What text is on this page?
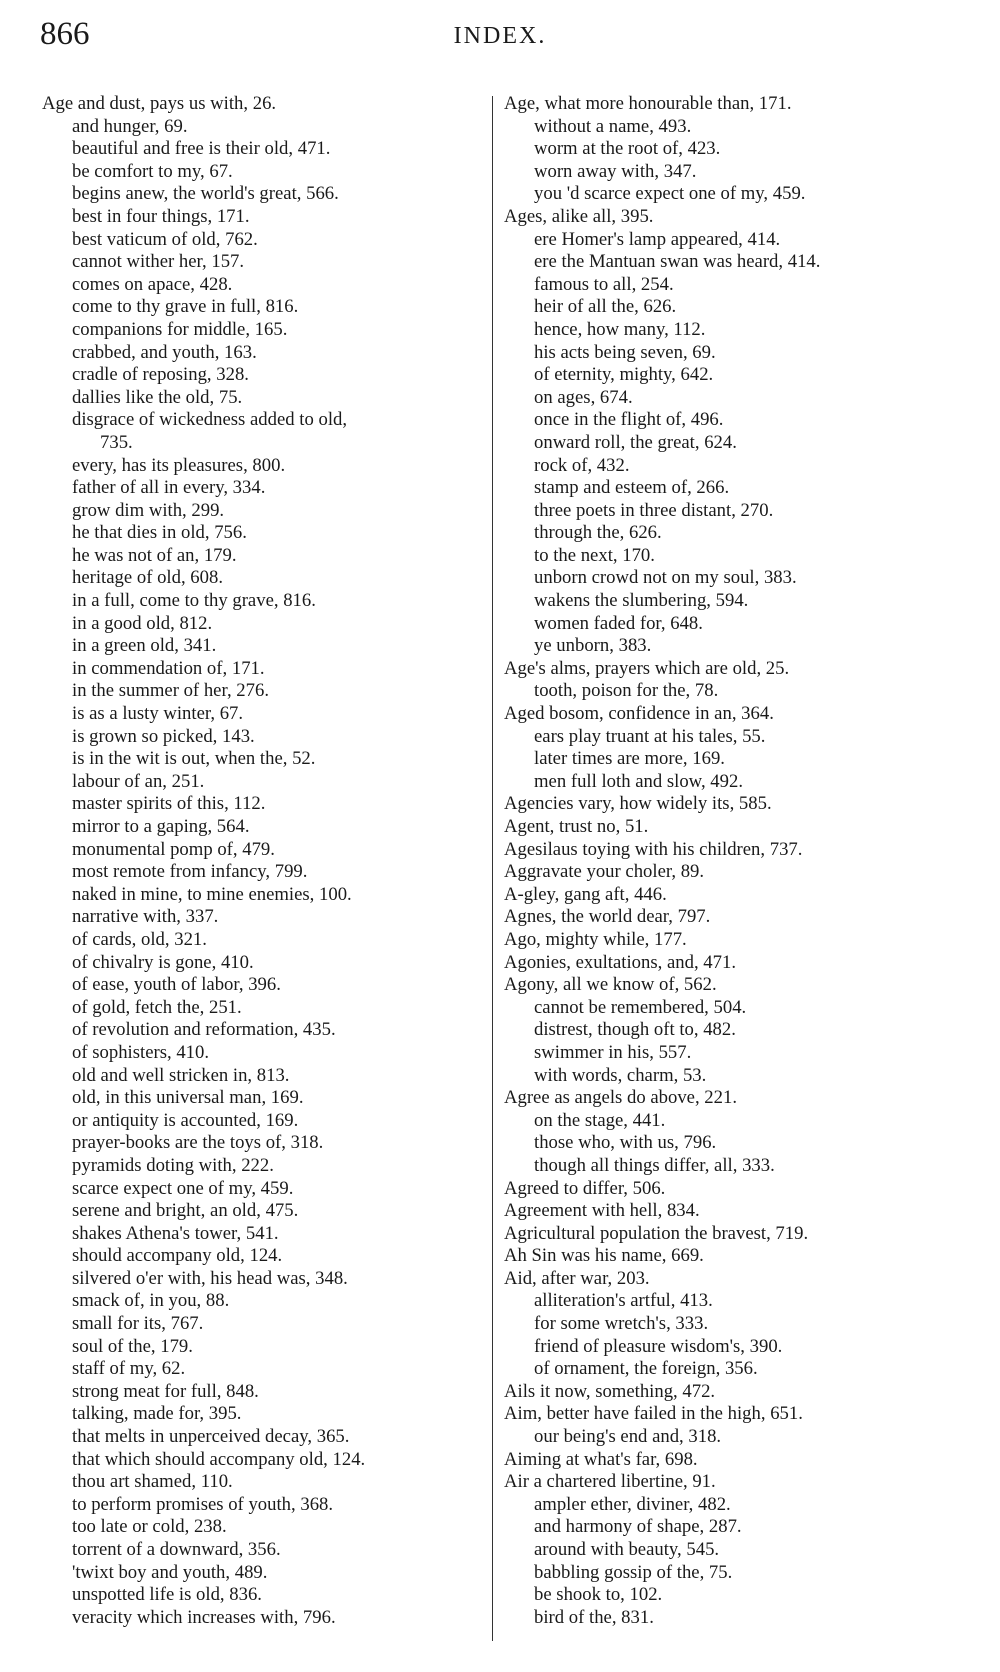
866	INDEX.
Age and dust, pays us with, 26.
and hunger, 69.
beautiful and free is their old, 471.
be comfort to my, 67.
begins anew, the world's great, 566.
best in four things, 171.
best vaticum of old, 762.
cannot wither her, 157.
comes on apace, 428.
come to thy grave in full, 816.
companions for middle, 165.
crabbed, and youth, 163.
cradle of reposing, 328.
dallies like the old, 75.
disgrace of wickedness added to old,
735.
every, has its pleasures, 800.
father of all in every, 334.
grow dim with, 299.
he that dies in old, 756.
he was not of an, 179.
heritage of old, 608.
in a full, come to thy grave, 816.
in a good old, 812.
in a green old, 341.
in commendation of, 171.
in the summer of her, 276.
is as a lusty winter, 67.
is grown so picked, 143.
is in the wit is out, when the, 52.
labour of an, 251.
master spirits of this, 112.
mirror to a gaping, 564.
monumental pomp of, 479.
most remote from infancy, 799.
naked in mine, to mine enemies, 100.
narrative with, 337.
of cards, old, 321.
of chivalry is gone, 410.
of ease, youth of labor, 396.
of gold, fetch the, 251.
of revolution and reformation, 435.
of sophisters, 410.
old and well stricken in, 813.
old, in this universal man, 169.
or antiquity is accounted, 169.
prayer-books are the toys of, 318.
pyramids doting with, 222.
scarce expect one of my, 459.
serene and bright, an old, 475.
shakes Athena's tower, 541.
should accompany old, 124.
silvered o'er with, his head was, 348.
smack of, in you, 88.
small for its, 767.
soul of the, 179.
staff of my, 62.
strong meat for full, 848.
talking, made for, 395.
that melts in unperceived decay, 365.
that which should accompany old, 124.
thou art shamed, 110.
to perform promises of youth, 368.
too late or cold, 238.
torrent of a downward, 356.
'twixt boy and youth, 489.
unspotted life is old, 836.
veracity which increases with, 796.
Age, what more honourable than, 171.
without a name, 493.
worm at the root of, 423.
worn away with, 347.
you 'd scarce expect one of my, 459.
Ages, alike all, 395.
ere Homer's lamp appeared, 414.
ere the Mantuan swan was heard, 414.
famous to all, 254.
heir of all the, 626.
hence, how many, 112.
his acts being seven, 69.
of eternity, mighty, 642.
on ages, 674.
once in the flight of, 496.
onward roll, the great, 624.
rock of, 432.
stamp and esteem of, 266.
three poets in three distant, 270.
through the, 626.
to the next, 170.
unborn crowd not on my soul, 383.
wakens the slumbering, 594.
women faded for, 648.
ye unborn, 383.
Age's alms, prayers which are old, 25.
tooth, poison for the, 78.
Aged bosom, confidence in an, 364.
ears play truant at his tales, 55.
later times are more, 169.
men full loth and slow, 492.
Agencies vary, how widely its, 585.
Agent, trust no, 51.
Agesilaus toying with his children, 737.
Aggravate your choler, 89.
A-gley, gang aft, 446.
Agnes, the world dear, 797.
Ago, mighty while, 177.
Agonies, exultations, and, 471.
Agony, all we know of, 562.
cannot be remembered, 504.
distrest, though oft to, 482.
swimmer in his, 557.
with words, charm, 53.
Agree as angels do above, 221.
on the stage, 441.
those who, with us, 796.
though all things differ, all, 333.
Agreed to differ, 506.
Agreement with hell, 834.
Agricultural population the bravest, 719.
Ah Sin was his name, 669.
Aid, after war, 203.
alliteration's artful, 413.
for some wretch's, 333.
friend of pleasure wisdom's, 390.
of ornament, the foreign, 356.
Ails it now, something, 472.
Aim, better have failed in the high, 651.
our being's end and, 318.
Aiming at what's far, 698.
Air a chartered libertine, 91.
ampler ether, diviner, 482.
and harmony of shape, 287.
around with beauty, 545.
babbling gossip of the, 75.
be shook to, 102.
bird of the, 831.
